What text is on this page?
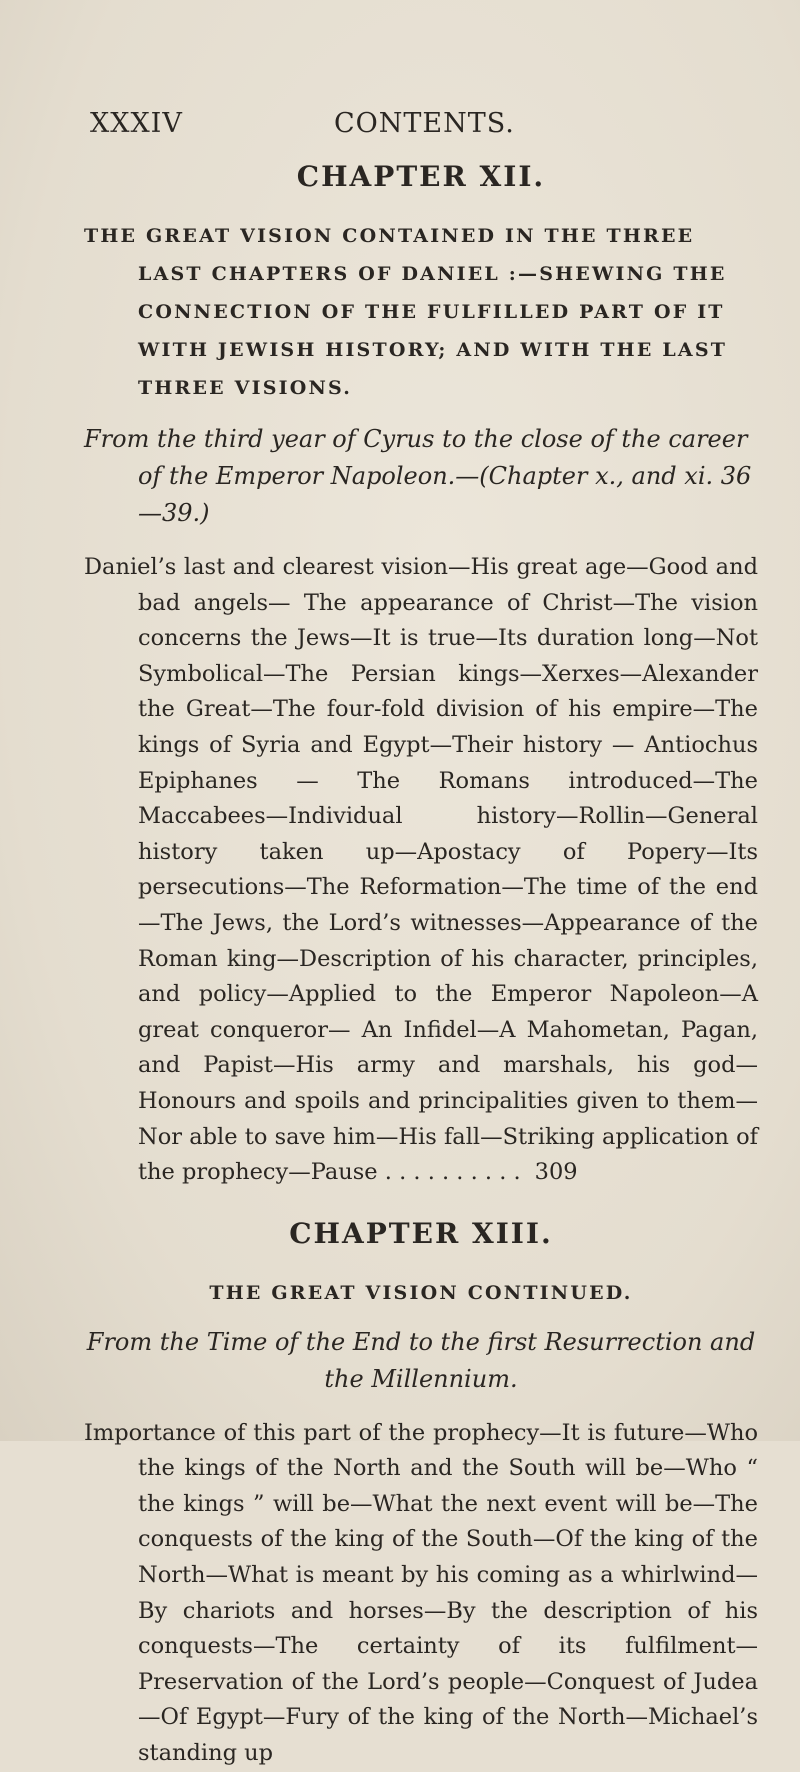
XXXIV	CONTENTS.
CHAPTER XII.

THE GREAT VISION CONTAINED IN THE THREE LAST CHAPTERS OF DANIEL :—SHEWING THE CONNECTION OF THE FULFILLED PART OF IT WITH JEWISH HISTORY; AND WITH THE LAST THREE VISIONS.

From the third year of Cyrus to the close of the career of the Emperor Napoleon.—(Chapter x., and xi. 36—39.)

Daniel’s last and clearest vision—His great age—Good and bad angels— The appearance of Christ—The vision concerns the Jews—It is true—Its duration long—Not Symbolical—The Persian kings—Xerxes—Alexander the Great—The four-fold division of his empire—The kings of Syria and Egypt—Their history — Antiochus Epiphanes — The Romans introduced—The Maccabees—Individual history—Rollin—General history taken up—Apostacy of Popery—Its persecutions—The Reformation—The time of the end—The Jews, the Lord’s witnesses—Appearance of the Roman king—Description of his character, principles, and policy—Applied to the Emperor Napoleon—A great conqueror— An Infidel—A Mahometan, Pagan, and Papist—His army and marshals, his god—Honours and spoils and principalities given to them—Nor able to save him—His fall—Striking application of the prophecy—Pause . . . . . . . . . . 309

CHAPTER XIII.

THE GREAT VISION CONTINUED.

From the Time of the End to the first Resurrection and the Millennium.

Importance of this part of the prophecy—It is future—Who the kings of the North and the South will be—Who “ the kings ” will be—What the next event will be—The conquests of the king of the South—Of the king of the North—What is meant by his coming as a whirlwind—By chariots and horses—By the description of his conquests—The certainty of its fulfilment—Preservation of the Lord’s people—Conquest of Judea—Of Egypt—Fury of the king of the North—Michael’s standing up
